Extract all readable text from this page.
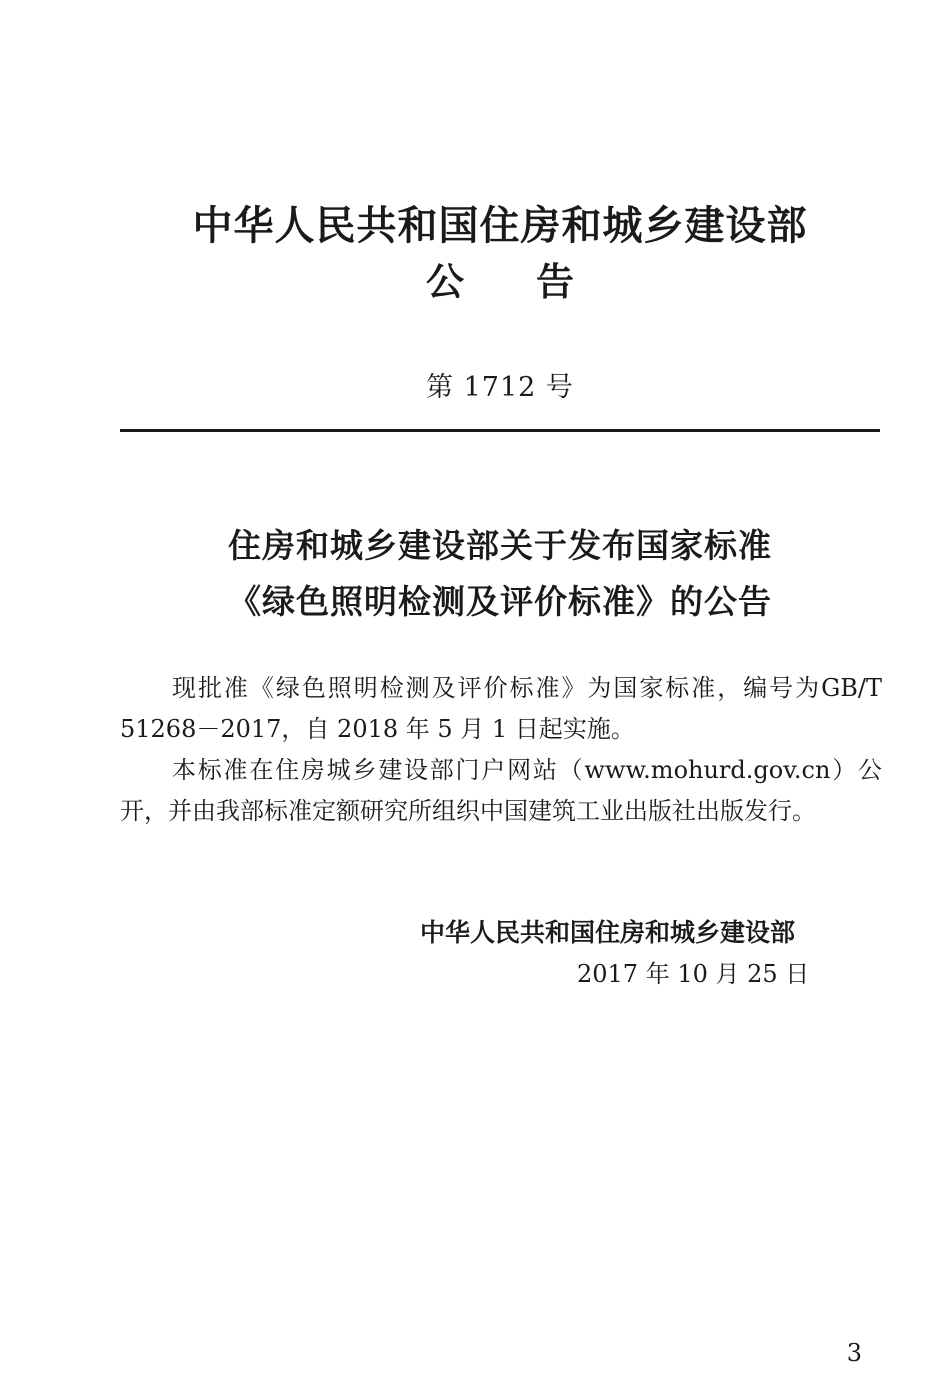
中华人民共和国住房和城乡建设部
公告
第 1712 号
住房和城乡建设部关于发布国家标准
《绿色照明检测及评价标准》的公告

现批准《绿色照明检测及评价标准》为国家标准，编号为GB/T 51268－2017，自 2018 年 5 月 1 日起实施。

本标准在住房城乡建设部门户网站（www.mohurd.gov.cn）公开，并由我部标准定额研究所组织中国建筑工业出版社出版发行。

中华人民共和国住房和城乡建设部
2017 年 10 月 25 日
3
